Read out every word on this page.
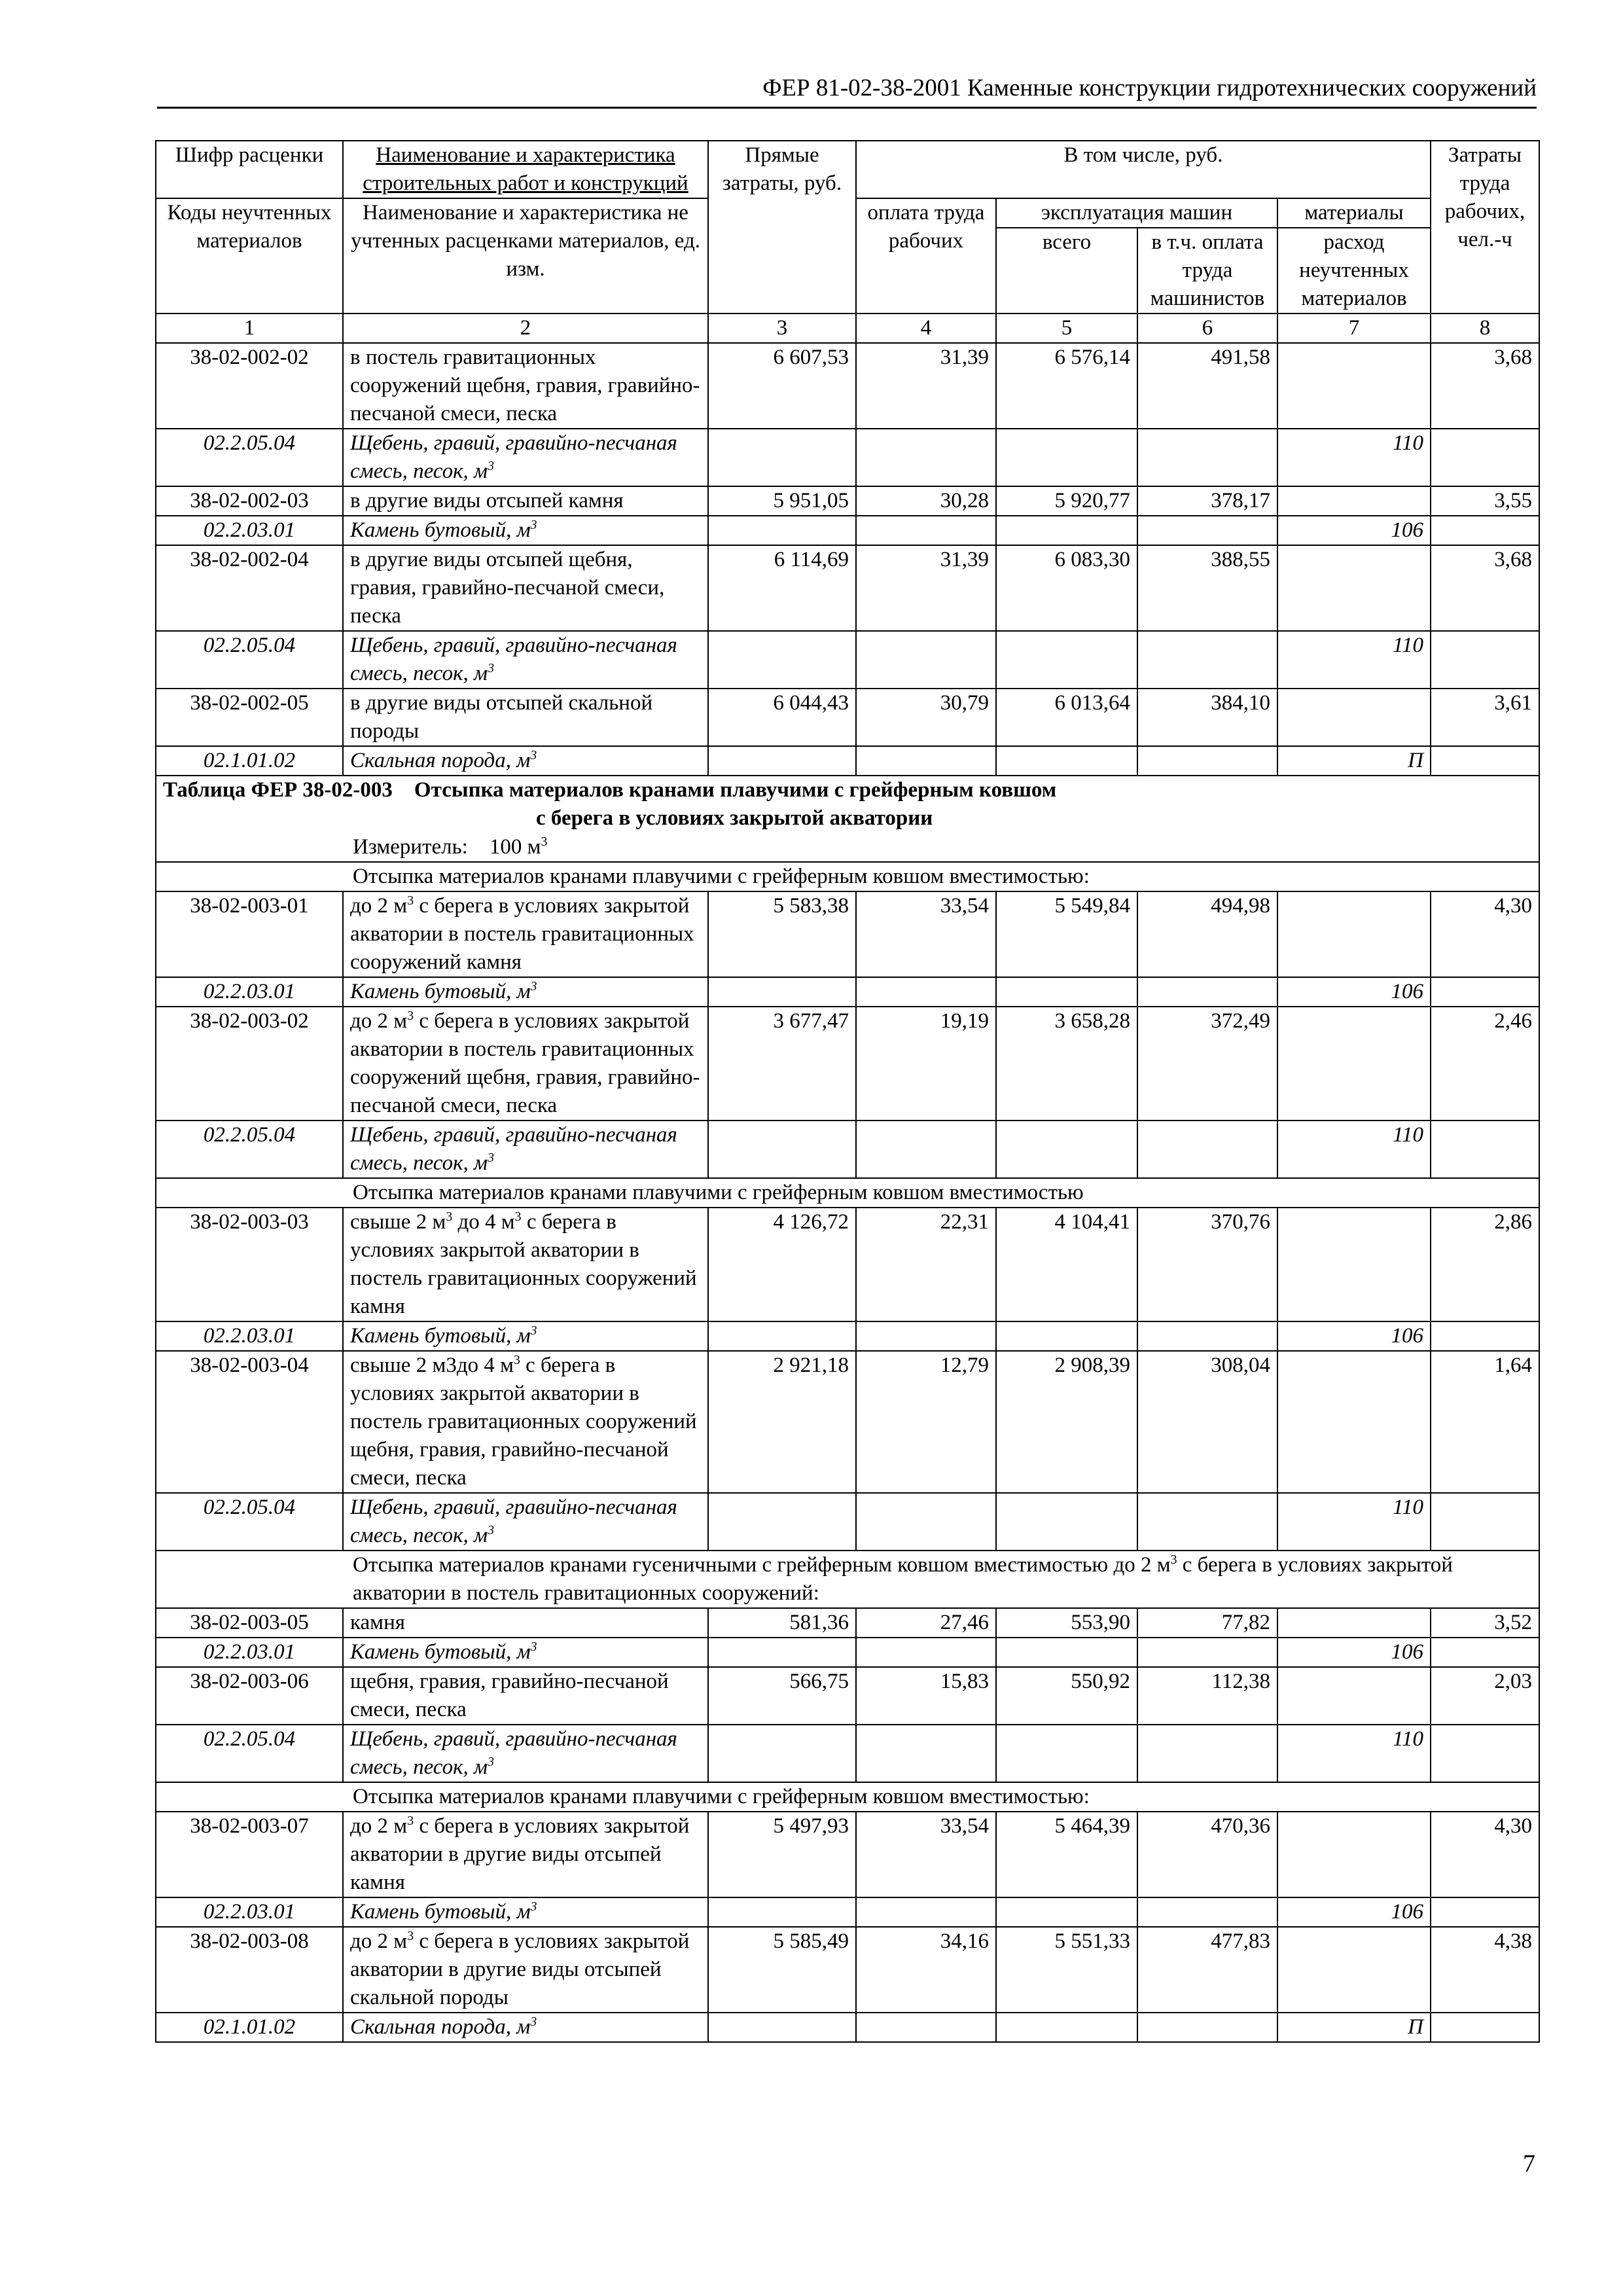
ФЕР 81-02-38-2001 Каменные конструкции гидротехнических сооружений
Шифр расценки	Наименование и характеристика строительных работ и конструкций	Прямые затраты, руб.	В том числе, руб.				Затраты труда рабочих, чел.-ч
Коды неучтенных материалов	Наименование и характеристика не учтенных расценками материалов, ед. изм.		оплата труда рабочих	эксплуатация машин		материалы	
				всего	в т.ч. оплата труда машинистов	расход неучтенных материалов	
1	2	3	4	5	6	7	8
38-02-002-02	в постель гравитационных сооружений щебня, гравия, гравийно-песчаной смеси, песка	6 607,53	31,39	6 576,14	491,58		3,68
02.2.05.04	Щебень, гравий, гравийно-песчаная смесь, песок, $м^3$					110	
38-02-002-03	в другие виды отсыпей камня	5 951,05	30,28	5 920,77	378,17		3,55
02.2.03.01	Камень бутовый, $м^3$					106	
38-02-002-04	в другие виды отсыпей щебня, гравия, гравийно-песчаной смеси, песка	6 114,69	31,39	6 083,30	388,55		3,68
02.2.05.04	Щебень, гравий, гравийно-песчаная смесь, песок, $м^3$					110	
38-02-002-05	в другие виды отсыпей скальной породы	6 044,43	30,79	6 013,64	384,10		3,61
02.1.01.02	Скальная порода, $м^3$					П	

Таблица ФЕР 38-02-003 Отсыпка материалов кранами плавучими с грейферным ковшом
с берега в условиях закрытой акватории
Измеритель: 100 $м^3$

Отсыпка материалов кранами плавучими с грейферным ковшом вместимостью:							

38-02-003-01	до 2 $м^3$ с берега в условиях закрытой акватории в постель гравитационных сооружений камня	5 583,38	33,54	5 549,84	494,98		4,30
02.2.03.01	Камень бутовый, $м^3$					106	
38-02-003-02	до 2 $м^3$ с берега в условиях закрытой акватории в постель гравитационных сооружений щебня, гравия, гравийно-песчаной смеси, песка	3 677,47	19,19	3 658,28	372,49		2,46
02.2.05.04	Щебень, гравий, гравийно-песчаная смесь, песок, $м^3$					110	

Отсыпка материалов кранами плавучими с грейферным ковшом вместимостью							

38-02-003-03	свыше 2 $м^3$ до 4 $м^3$ с берега в условиях закрытой акватории в постель гравитационных сооружений камня	4 126,72	22,31	4 104,41	370,76		2,86
02.2.03.01	Камень бутовый, $м^3$					106	
38-02-003-04	свыше 2 м3до 4 $м^3$ с берега в условиях закрытой акватории в постель гравитационных сооружений щебня, гравия, гравийно-песчаной смеси, песка	2 921,18	12,79	2 908,39	308,04		1,64
02.2.05.04	Щебень, гравий, гравийно-песчаная смесь, песок, $м^3$					110	

Отсыпка материалов кранами гусеничными с грейферным ковшом вместимостью до 2 $м^3$ с берега в условиях закрытой акватории в постель гравитационных сооружений:							

38-02-003-05	камня	581,36	27,46	553,90	77,82		3,52
02.2.03.01	Камень бутовый, $м^3$					106	
38-02-003-06	щебня, гравия, гравийно-песчаной смеси, песка	566,75	15,83	550,92	112,38		2,03
02.2.05.04	Щебень, гравий, гравийно-песчаная смесь, песок, $м^3$					110	

Отсыпка материалов кранами плавучими с грейферным ковшом вместимостью:							

38-02-003-07	до 2 $м^3$ с берега в условиях закрытой акватории в другие виды отсыпей камня	5 497,93	33,54	5 464,39	470,36		4,30
02.2.03.01	Камень бутовый, $м^3$					106	
38-02-003-08	до 2 $м^3$ с берега в условиях закрытой акватории в другие виды отсыпей скальной породы	5 585,49	34,16	5 551,33	477,83		4,38
02.1.01.02	Скальная порода, $м^3$					П	
7
